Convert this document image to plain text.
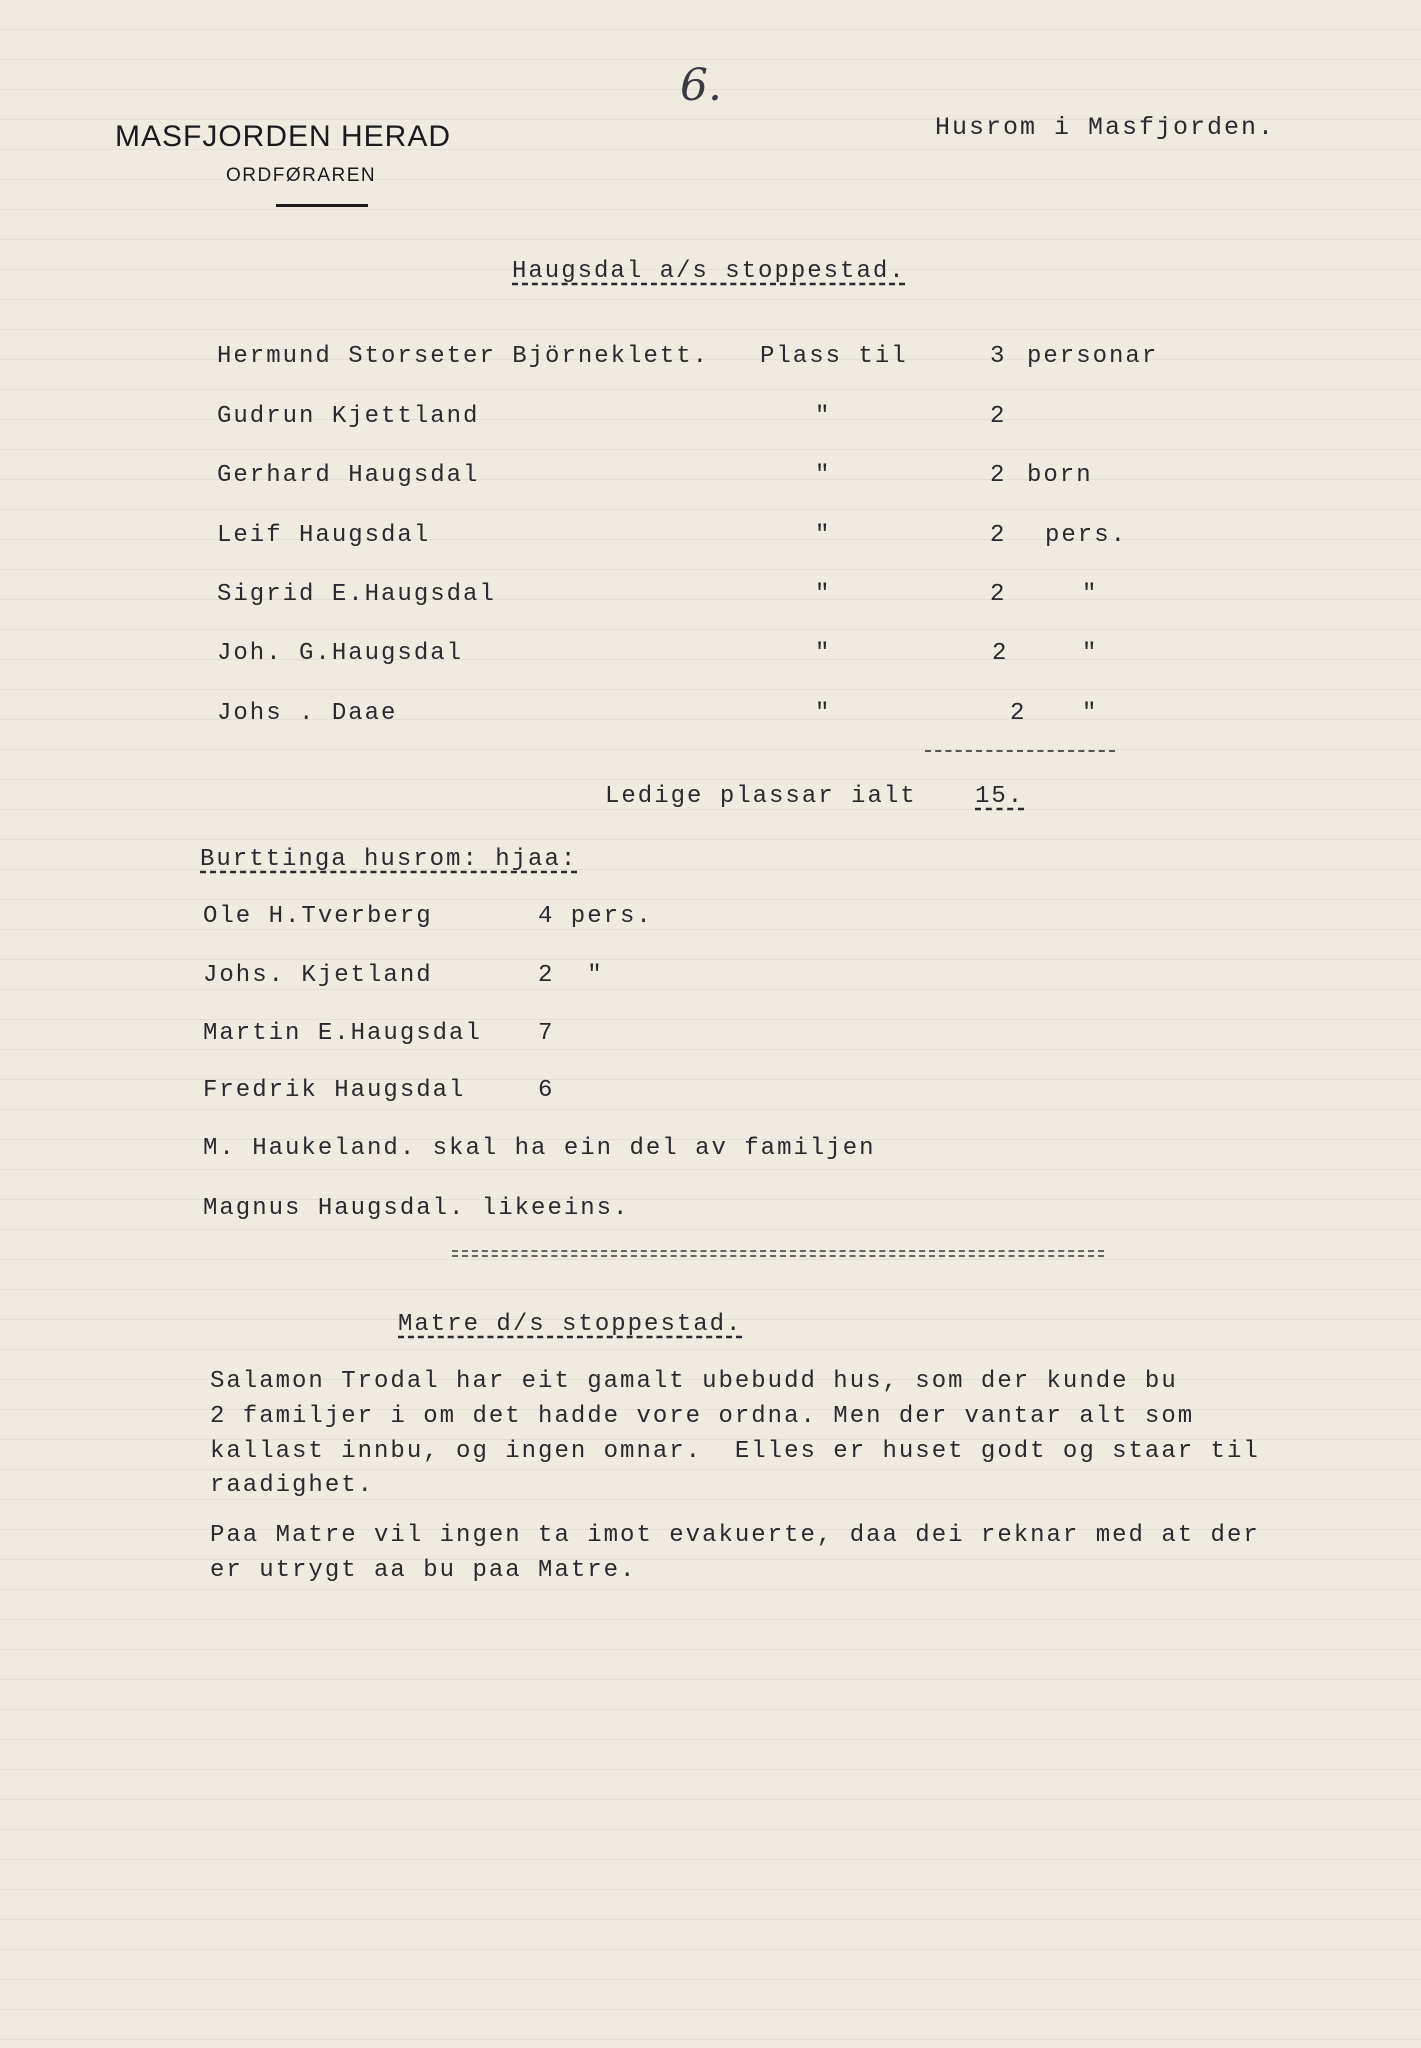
MASFJORDEN HERAD
ORDFØRAREN
6.
Husrom i Masfjorden.
Haugsdal a/s stoppestad.
Hermund Storseter Björneklett. Plass til	3 personar
Gudrun Kjettland	"	2
Gerhard Haugsdal	"	2 born
Leif Haugsdal	"	2 pers.
Sigrid E.Haugsdal	"	2	"
Joh. G.Haugsdal	"	2	"
Johs . Daae	"	2 "
Ledige plassar ialt 15.
Burttinga husrom: hjaa:
Ole H.Tverberg	4 pers.
Johs. Kjetland	2  "
Martin E.Haugsdal 7
Fredrik Haugsdal	6
M. Haukeland. skal ha ein del av familjen
Magnus Haugsdal. likeeins.
Matre d/s stoppestad.
Salamon Trodal har eit gamalt ubebudd hus, som der kunde bu
2 familjer i om det hadde vore ordna. Men der vantar alt som
kallast innbu, og ingen omnar.  Elles er huset godt og staar til
raadighet.
Paa Matre vil ingen ta imot evakuerte, daa dei reknar med at der
er utrygt aa bu paa Matre.
